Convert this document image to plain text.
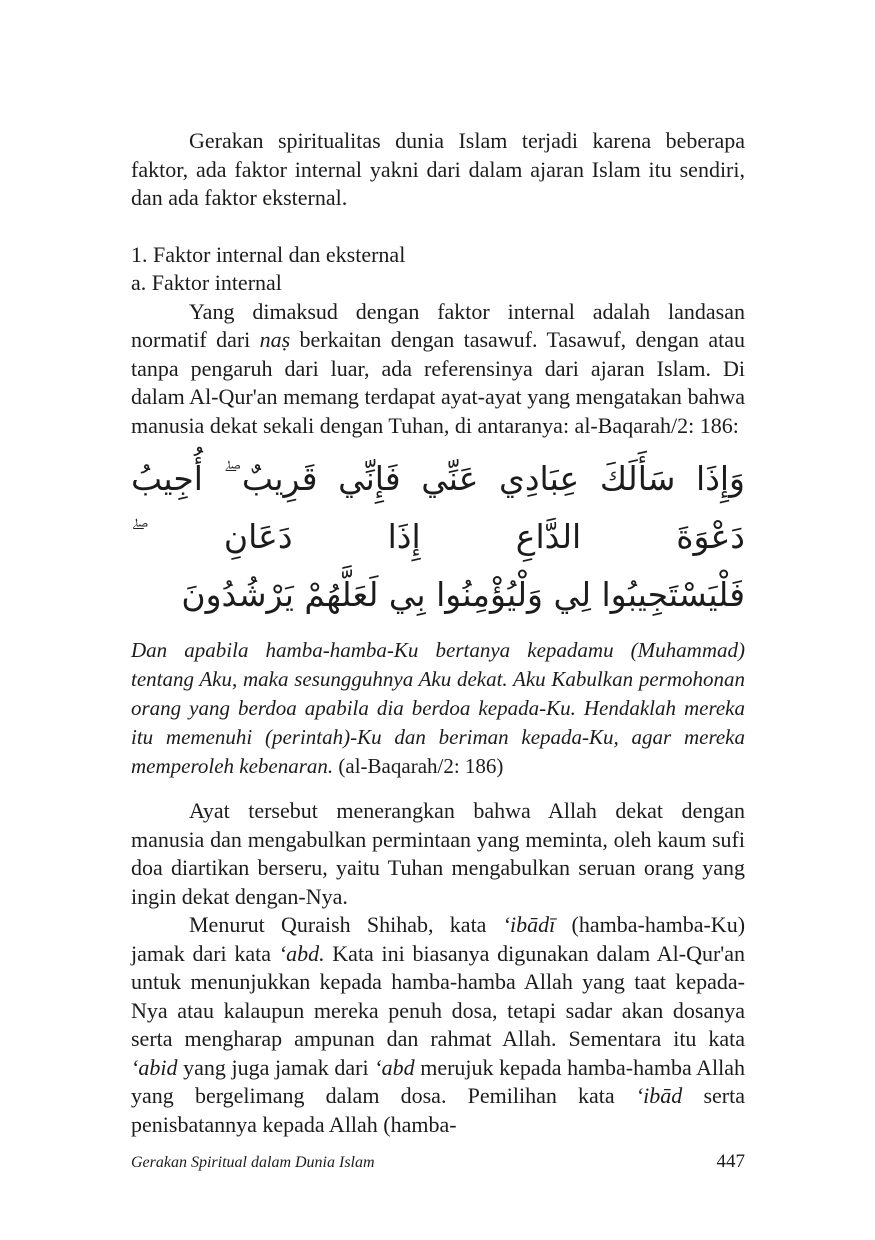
Gerakan spiritualitas dunia Islam terjadi karena beberapa faktor, ada faktor internal yakni dari dalam ajaran Islam itu sendiri, dan ada faktor eksternal.

1. Faktor internal dan eksternal

a. Faktor internal

Yang dimaksud dengan faktor internal adalah landasan normatif dari naṣ berkaitan dengan tasawuf. Tasawuf, dengan atau tanpa pengaruh dari luar, ada referensinya dari ajaran Islam. Di dalam Al-Qur'an memang terdapat ayat-ayat yang mengatakan bahwa manusia dekat sekali dengan Tuhan, di antaranya: al-Baqarah/2: 186:

وَإِذَا سَأَلَكَ عِبَادِي عَنِّي فَإِنِّي قَرِيبٌ ۖ أُجِيبُ دَعْوَةَ الدَّاعِ إِذَا دَعَانِ ۖ
فَلْيَسْتَجِيبُوا لِي وَلْيُؤْمِنُوا بِي لَعَلَّهُمْ يَرْشُدُونَ

Dan apabila hamba-hamba-Ku bertanya kepadamu (Muhammad) tentang Aku, maka sesungguhnya Aku dekat. Aku Kabulkan permohonan orang yang berdoa apabila dia berdoa kepada-Ku. Hendaklah mereka itu memenuhi (perintah)-Ku dan beriman kepada-Ku, agar mereka memperoleh kebenaran. (al-Baqarah/2: 186)

Ayat tersebut menerangkan bahwa Allah dekat dengan manusia dan mengabulkan permintaan yang meminta, oleh kaum sufi doa diartikan berseru, yaitu Tuhan mengabulkan seruan orang yang ingin dekat dengan-Nya.

Menurut Quraish Shihab, kata ‘ibādī (hamba-hamba-Ku) jamak dari kata ‘abd. Kata ini biasanya digunakan dalam Al-Qur'an untuk menunjukkan kepada hamba-hamba Allah yang taat kepada-Nya atau kalaupun mereka penuh dosa, tetapi sadar akan dosanya serta mengharap ampunan dan rahmat Allah. Sementara itu kata ‘abid yang juga jamak dari ‘abd merujuk kepada hamba-hamba Allah yang bergelimang dalam dosa. Pemilihan kata ‘ibād serta penisbatannya kepada Allah (hamba-

Gerakan Spiritual dalam Dunia Islam	447
